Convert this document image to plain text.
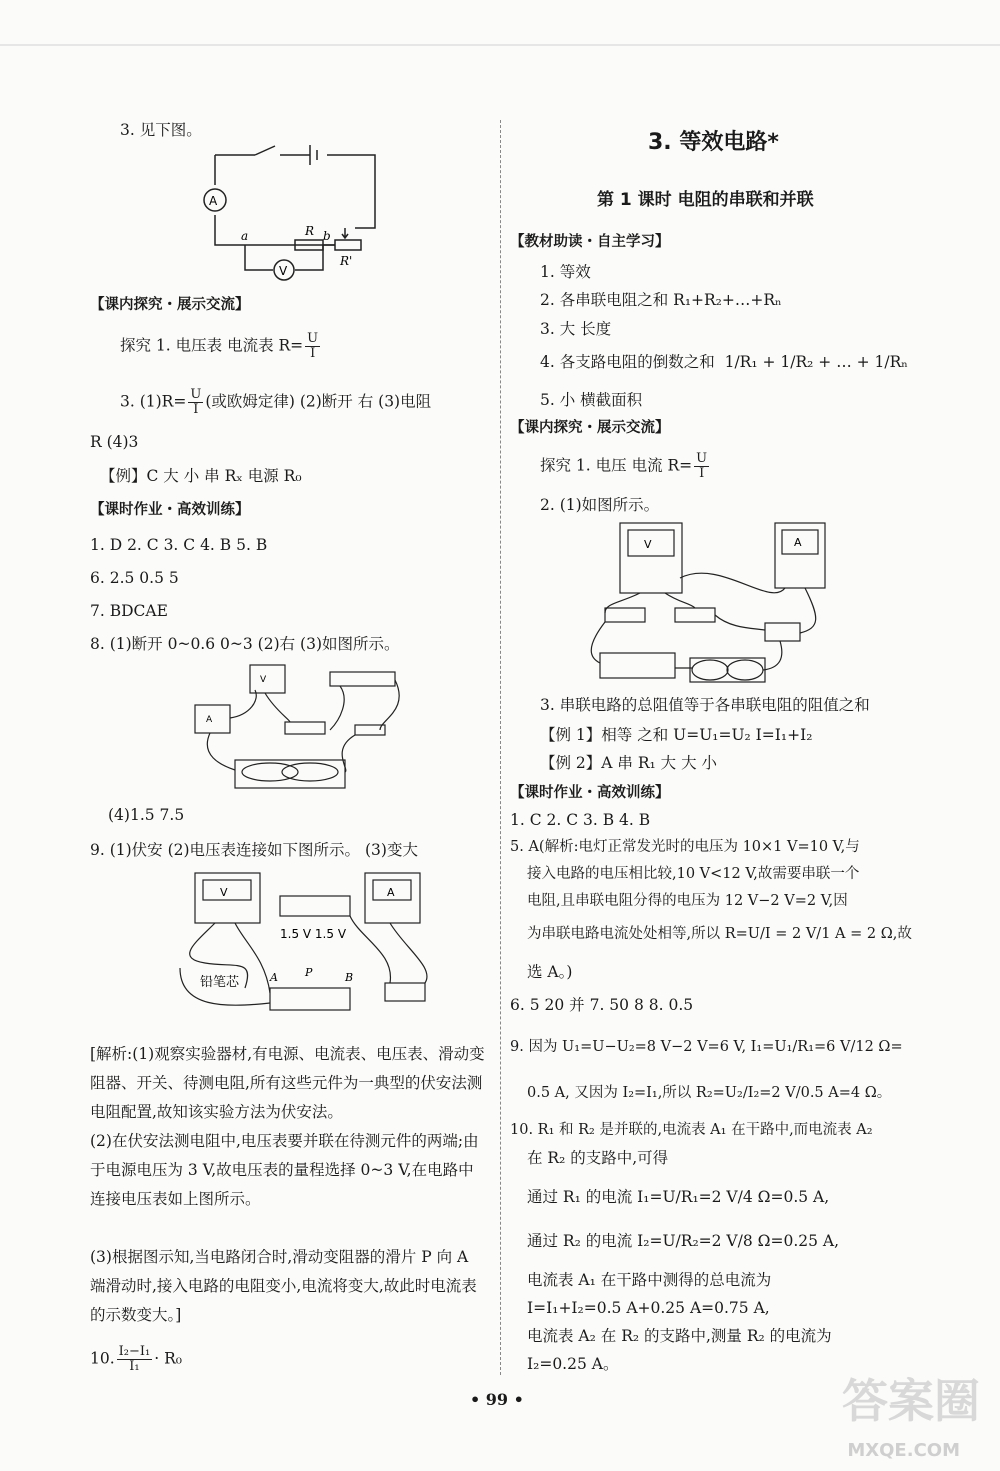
3. 见下图。
A
V
a	b
R
R'
【课内探究・展示交流】
探究 1. 电压表 电流表 $R= \frac{U}{I}$
3. $(1)R= \frac{U}{I}$ (或欧姆定律) (2)断开 右 (3)电阻
R (4)3
【例】C 大 小 串 Rₓ 电源 R₀
【课时作业・高效训练】
1. D 2. C 3. C 4. B 5. B
6. 2.5 0.5 5
7. BDCAE
8. (1)断开 0~0.6 0~3 (2)右 (3)如图所示。
V
A
(4)1.5 7.5
9. (1)伏安 (2)电压表连接如下图所示。 (3)变大
V	A
1.5 V 1.5 V
铅笔芯	A P	B
[解析:(1)观察实验器材,有电源、电流表、电压表、滑动变阻器、开关、待测电阻,所有这些元件为一典型的伏安法测电阻配置,故知该实验方法为伏安法。
(2)在伏安法测电阻中,电压表要并联在待测元件的两端;由于电源电压为 3 V,故电压表的量程选择 0~3 V,在电路中连接电压表如上图所示。
(3)根据图示知,当电路闭合时,滑动变阻器的滑片 P 向 A 端滑动时,接入电路的电阻变小,电流将变大,故此时电流表的示数变大。]
10. $\frac{\text{I₂−I₁}}{\text{I₁}} \cdot R_0$
3. 等效电路*
第 1 课时 电阻的串联和并联
【教材助读・自主学习】
1. 等效
2. 各串联电阻之和 R₁+R₂+…+Rₙ
3. 大 长度
4. 各支路电阻的倒数之和 1/R₁ + 1/R₂ + … + 1/Rₙ
5. 小 横截面积
【课内探究・展示交流】
探究 1. 电压 电流 $R= \frac{U}{I}$
2. (1)如图所示。
V	A
3. 串联电路的总阻值等于各串联电阻的阻值之和
【例 1】相等 之和 U=U₁=U₂ I=I₁+I₂
【例 2】A 串 R₁ 大 大 小
【课时作业・高效训练】
1. C 2. C 3. B 4. B
5. A(解析:电灯正常发光时的电压为 10×1 V=10 V,与
接入电路的电压相比较,10 V<12 V,故需要串联一个
电阻,且串联电阻分得的电压为 12 V−2 V=2 V,因
为串联电路电流处处相等,所以 R=U/I = 2 V/1 A = 2 Ω,故
选 A。)
6. 5 20 并 7. 50 8 8. 0.5
9. 因为 U₁=U−U₂=8 V−2 V=6 V, I₁=U₁/R₁=6 V/12 Ω=
0.5 A, 又因为 I₂=I₁,所以 R₂=U₂/I₂=2 V/0.5 A=4 Ω。
10. R₁ 和 R₂ 是并联的,电流表 A₁ 在干路中,而电流表 A₂
在 R₂ 的支路中,可得
通过 R₁ 的电流 I₁=U/R₁=2 V/4 Ω=0.5 A,
通过 R₂ 的电流 I₂=U/R₂=2 V/8 Ω=0.25 A,
电流表 A₁ 在干路中测得的总电流为
I=I₁+I₂=0.5 A+0.25 A=0.75 A,
电流表 A₂ 在 R₂ 的支路中,测量 R₂ 的电流为
I₂=0.25 A。
• 99 •	答案圈
MXQE.COM
